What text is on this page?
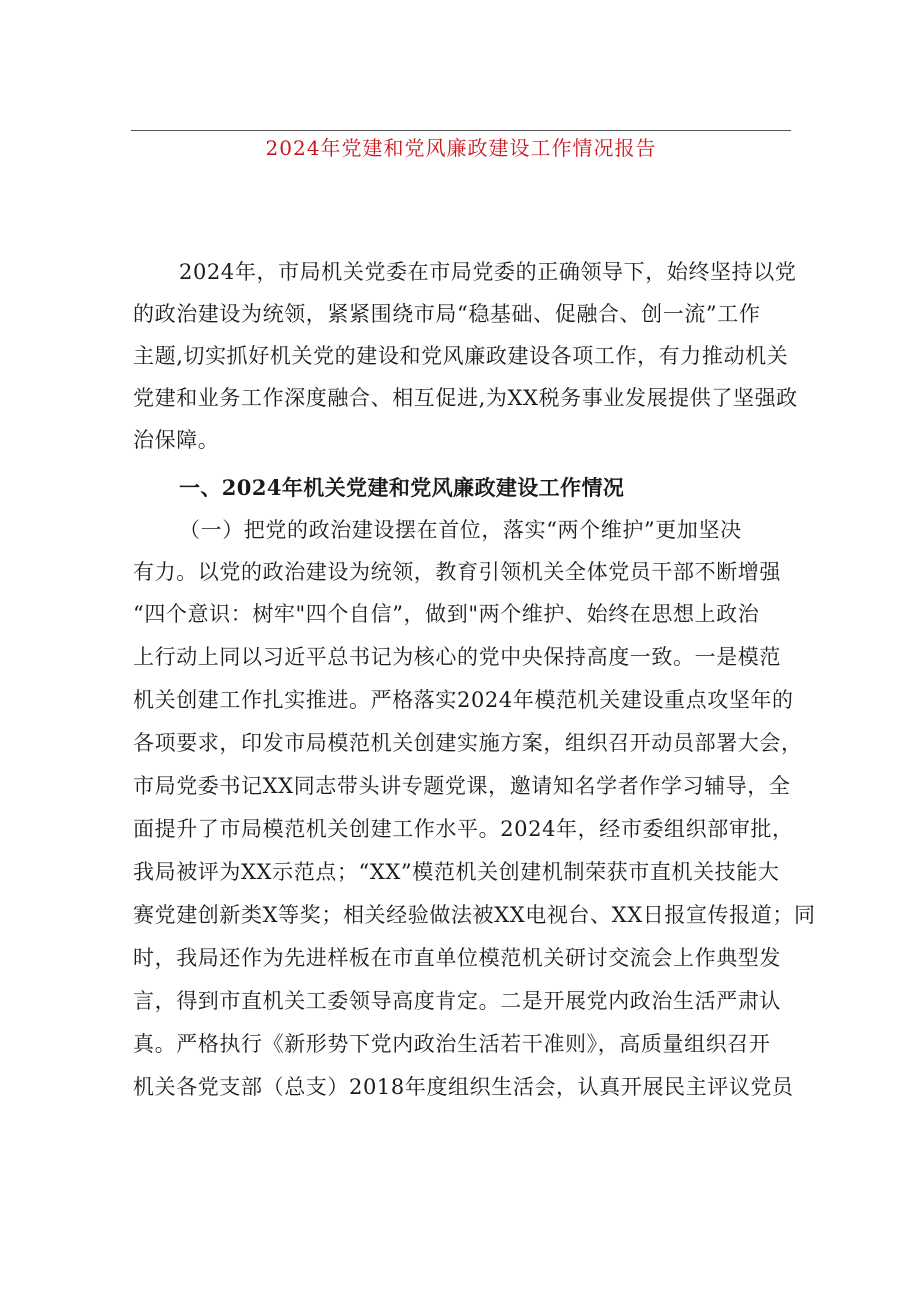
2024年党建和党风廉政建设工作情况报告
2024年，市局机关党委在市局党委的正确领导下，始终坚持以党
的政治建设为统领，紧紧围绕市局“稳基础、促融合、创一流”工作
主题,切实抓好机关党的建设和党风廉政建设各项工作，有力推动机关
党建和业务工作深度融合、相互促进,为XX税务事业发展提供了坚强政
治保障。
一、2024年机关党建和党风廉政建设工作情况
（一）把党的政治建设摆在首位，落实“两个维护”更加坚决
有力。以党的政治建设为统领，教育引领机关全体党员干部不断增强
“四个意识：树牢"四个自信”，做到"两个维护、始终在思想上政治
上行动上同以习近平总书记为核心的党中央保持高度一致。一是模范
机关创建工作扎实推进。严格落实2024年模范机关建设重点攻坚年的
各项要求，印发市局模范机关创建实施方案，组织召开动员部署大会，
市局党委书记XX同志带头讲专题党课，邀请知名学者作学习辅导，全
面提升了市局模范机关创建工作水平。2024年，经市委组织部审批，
我局被评为XX示范点；“XX”模范机关创建机制荣获市直机关技能大
赛党建创新类X等奖；相关经验做法被XX电视台、XX日报宣传报道；同
时，我局还作为先进样板在市直单位模范机关研讨交流会上作典型发
言，得到市直机关工委领导高度肯定。二是开展党内政治生活严肃认
真。严格执行《新形势下党内政治生活若干准则》，高质量组织召开
机关各党支部（总支）2018年度组织生活会，认真开展民主评议党员
